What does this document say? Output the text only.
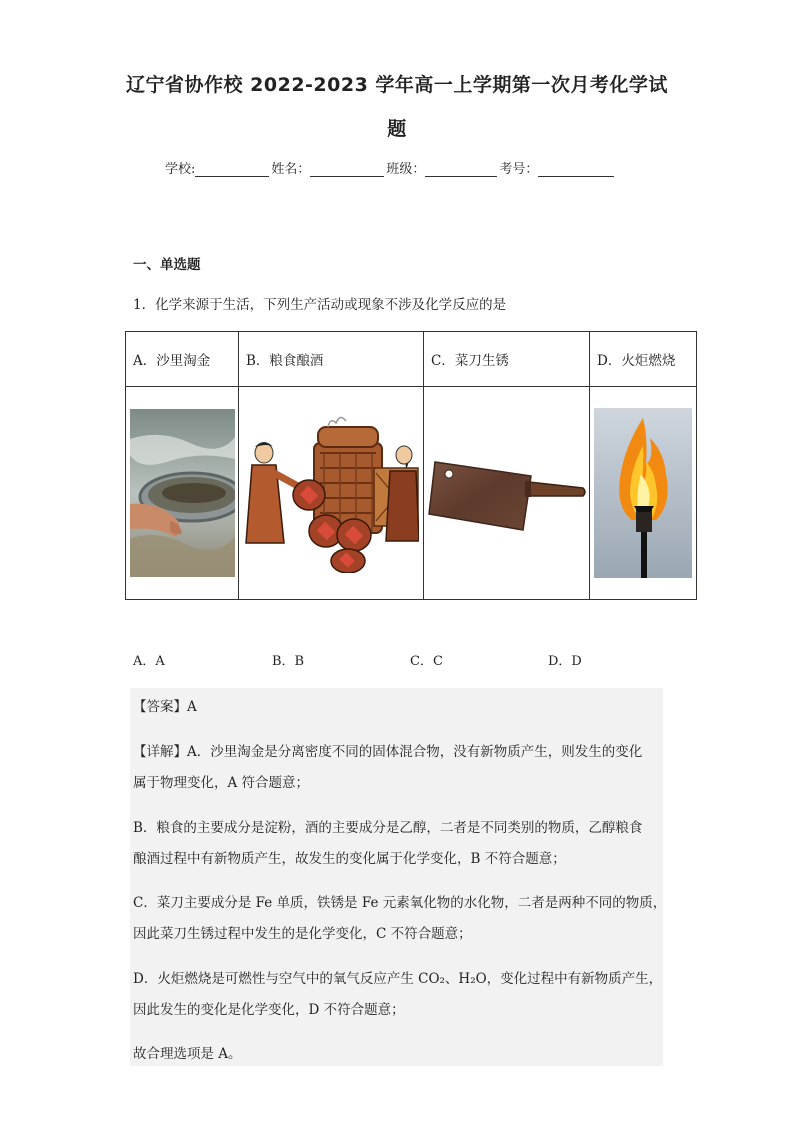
辽宁省协作校 2022-2023 学年高一上学期第一次月考化学试
题
学校:	姓名：	班级：	考号：
一、单选题
1．化学来源于生活，下列生产活动或现象不涉及化学反应的是
A．沙里淘金	B．粮食酿酒	C．菜刀生锈	D．火炬燃烧

A．A	B．B	C．C	D．D
【答案】A
【详解】A．沙里淘金是分离密度不同的固体混合物，没有新物质产生，则发生的变化
属于物理变化，A 符合题意；
B．粮食的主要成分是淀粉，酒的主要成分是乙醇，二者是不同类别的物质，乙醇粮食
酿酒过程中有新物质产生，故发生的变化属于化学变化，B 不符合题意；
C．菜刀主要成分是 Fe 单质，铁锈是 Fe 元素氧化物的水化物，二者是两种不同的物质，
因此菜刀生锈过程中发生的是化学变化，C 不符合题意；
D．火炬燃烧是可燃性与空气中的氧气反应产生 CO₂、H₂O，变化过程中有新物质产生，
因此发生的变化是化学变化，D 不符合题意；
故合理选项是 A。
